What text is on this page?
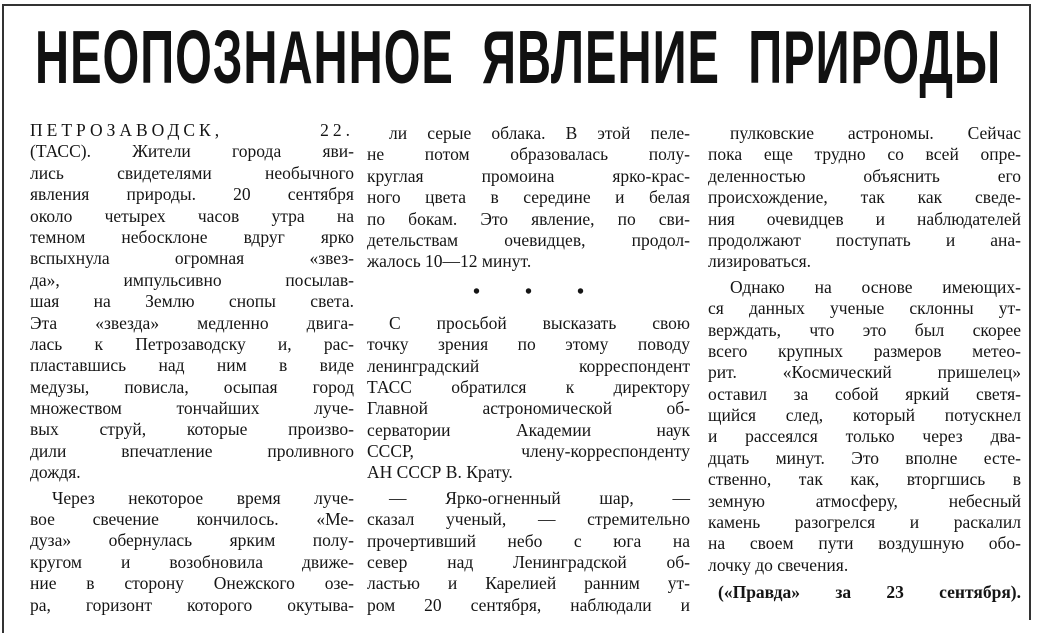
НЕОПОЗНАННОЕ  ЯВЛЕНИЕ  ПРИРОДЫ
ПЕТРОЗАВОДСК, 22.
(ТАСС). Жители города яви-
лись свидетелями необычного
явления природы. 20 сентября
около четырех часов утра на
темном небосклоне вдруг ярко
вспыхнула огромная «звез-
да», импульсивно посылав-
шая на Землю снопы света.
Эта «звезда» медленно двига-
лась к Петрозаводску и, рас-
пластавшись над ним в виде
медузы, повисла, осыпая город
множеством тончайших луче-
вых струй, которые произво-
дили впечатление проливного
дождя.
Через некоторое время луче-
вое свечение кончилось. «Ме-
дуза» обернулась ярким полу-
кругом и возобновила движе-
ние в сторону Онежского озе-
ра, горизонт которого окутыва-
ли серые облака. В этой пеле-
не потом образовалась полу-
круглая промоина ярко-крас-
ного цвета в середине и белая
по бокам. Это явление, по сви-
детельствам очевидцев, продол-
жалось 10—12 минут.
• • •
С просьбой высказать свою
точку зрения по этому поводу
ленинградский корреспондент
ТАСС обратился к директору
Главной астрономической об-
серватории Академии наук
СССР, члену-корреспонденту
АН СССР В. Крату.
— Ярко-огненный шар, —
сказал ученый, — стремительно
прочертивший небо с юга на
север над Ленинградской об-
ластью и Карелией ранним ут-
ром 20 сентября, наблюдали и
пулковские астрономы. Сейчас
пока еще трудно со всей опре-
деленностью объяснить его
происхождение, так как сведе-
ния очевидцев и наблюдателей
продолжают поступать и ана-
лизироваться.
Однако на основе имеющих-
ся данных ученые склонны ут-
верждать, что это был скорее
всего крупных размеров метео-
рит. «Космический пришелец»
оставил за собой яркий светя-
щийся след, который потускнел
и рассеялся только через два-
дцать минут. Это вполне есте-
ственно, так как, вторгшись в
земную атмосферу, небесный
камень разогрелся и раскалил
на своем пути воздушную обо-
лочку до свечения.
(«Правда» за 23 сентября).
